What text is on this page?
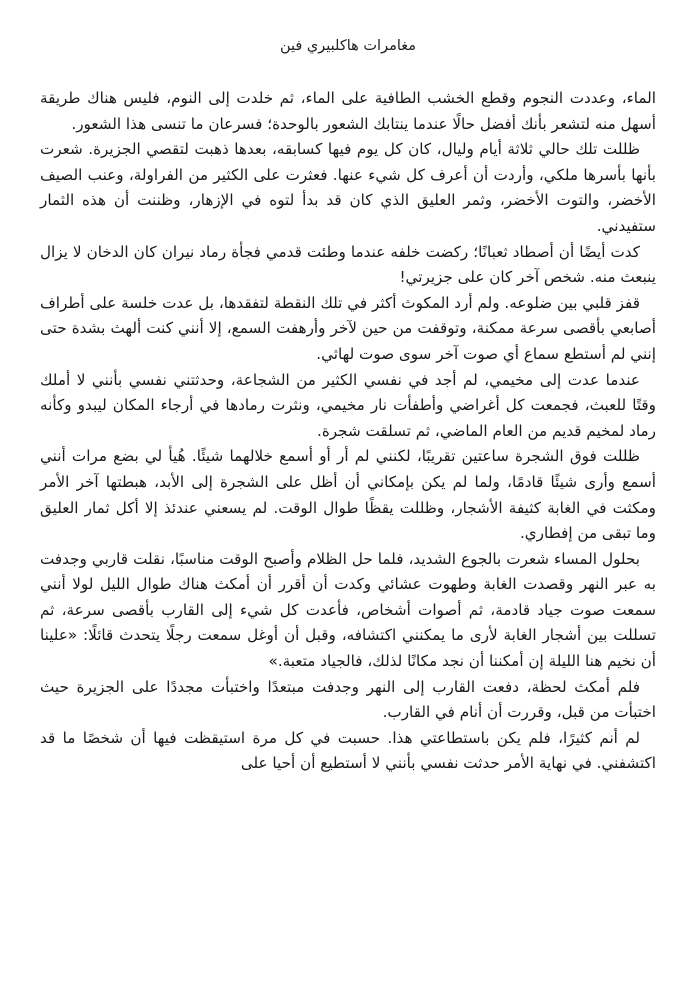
مغامرات هاكلبيري فين

الماء، وعددت النجوم وقطع الخشب الطافية على الماء، ثم خلدت إلى النوم، فليس هناك طريقة أسهل منه لتشعر بأنك أفضل حالًا عندما ينتابك الشعور بالوحدة؛ فسرعان ما تنسى هذا الشعور.

ظللت تلك حالي ثلاثة أيام وليال، كان كل يوم فيها كسابقه، بعدها ذهبت لتقصي الجزيرة. شعرت بأنها بأسرها ملكي، وأردت أن أعرف كل شيء عنها. فعثرت على الكثير من الفراولة، وعنب الصيف الأخضر، والتوت الأخضر، وثمر العليق الذي كان قد بدأ لتوه في الإزهار، وظننت أن هذه الثمار ستفيدني.

كدت أيضًا أن أصطاد ثعبانًا؛ ركضت خلفه عندما وطئت قدمي فجأة رماد نيران كان الدخان لا يزال ينبعث منه. شخص آخر كان على جزيرتي!

قفز قلبي بين ضلوعه. ولم أرد المكوث أكثر في تلك النقطة لتفقدها، بل عدت خلسة على أطراف أصابعي بأقصى سرعة ممكنة، وتوقفت من حين لآخر وأرهفت السمع، إلا أنني كنت ألهث بشدة حتى إنني لم أستطع سماع أي صوت آخر سوى صوت لهاثي.

عندما عدت إلى مخيمي، لم أجد في نفسي الكثير من الشجاعة، وحدثتني نفسي بأنني لا أملك وقتًا للعبث، فجمعت كل أغراضي وأطفأت نار مخيمي، ونثرت رمادها في أرجاء المكان ليبدو وكأنه رماد لمخيم قديم من العام الماضي، ثم تسلقت شجرة.

ظللت فوق الشجرة ساعتين تقريبًا، لكنني لم أر أو أسمع خلالهما شيئًا. هُيأ لي بضع مرات أنني أسمع وأرى شيئًا قادمًا، ولما لم يكن بإمكاني أن أظل على الشجرة إلى الأبد، هبطتها آخر الأمر ومكثت في الغابة كثيفة الأشجار، وظللت يقظًا طوال الوقت. لم يسعني عندئذ إلا أكل ثمار العليق وما تبقى من إفطاري.

بحلول المساء شعرت بالجوع الشديد، فلما حل الظلام وأصبح الوقت مناسبًا، نقلت قاربي وجدفت به عبر النهر وقصدت الغابة وطهوت عشائي وكدت أن أقرر أن أمكث هناك طوال الليل لولا أنني سمعت صوت جياد قادمة، ثم أصوات أشخاص، فأعدت كل شيء إلى القارب بأقصى سرعة، ثم تسللت بين أشجار الغابة لأرى ما يمكنني اكتشافه، وقبل أن أوغل سمعت رجلًا يتحدث قائلًا: «علينا أن نخيم هنا الليلة إن أمكننا أن نجد مكانًا لذلك، فالجياد متعبة.»

فلم أمكث لحظة، دفعت القارب إلى النهر وجدفت مبتعدًا واختبأت مجددًا على الجزيرة حيث اختبأت من قبل، وقررت أن أنام في القارب.

لم أنم كثيرًا، فلم يكن باستطاعتي هذا. حسبت في كل مرة استيقظت فيها أن شخصًا ما قد اكتشفني. في نهاية الأمر حدثت نفسي بأنني لا أستطيع أن أحيا على
